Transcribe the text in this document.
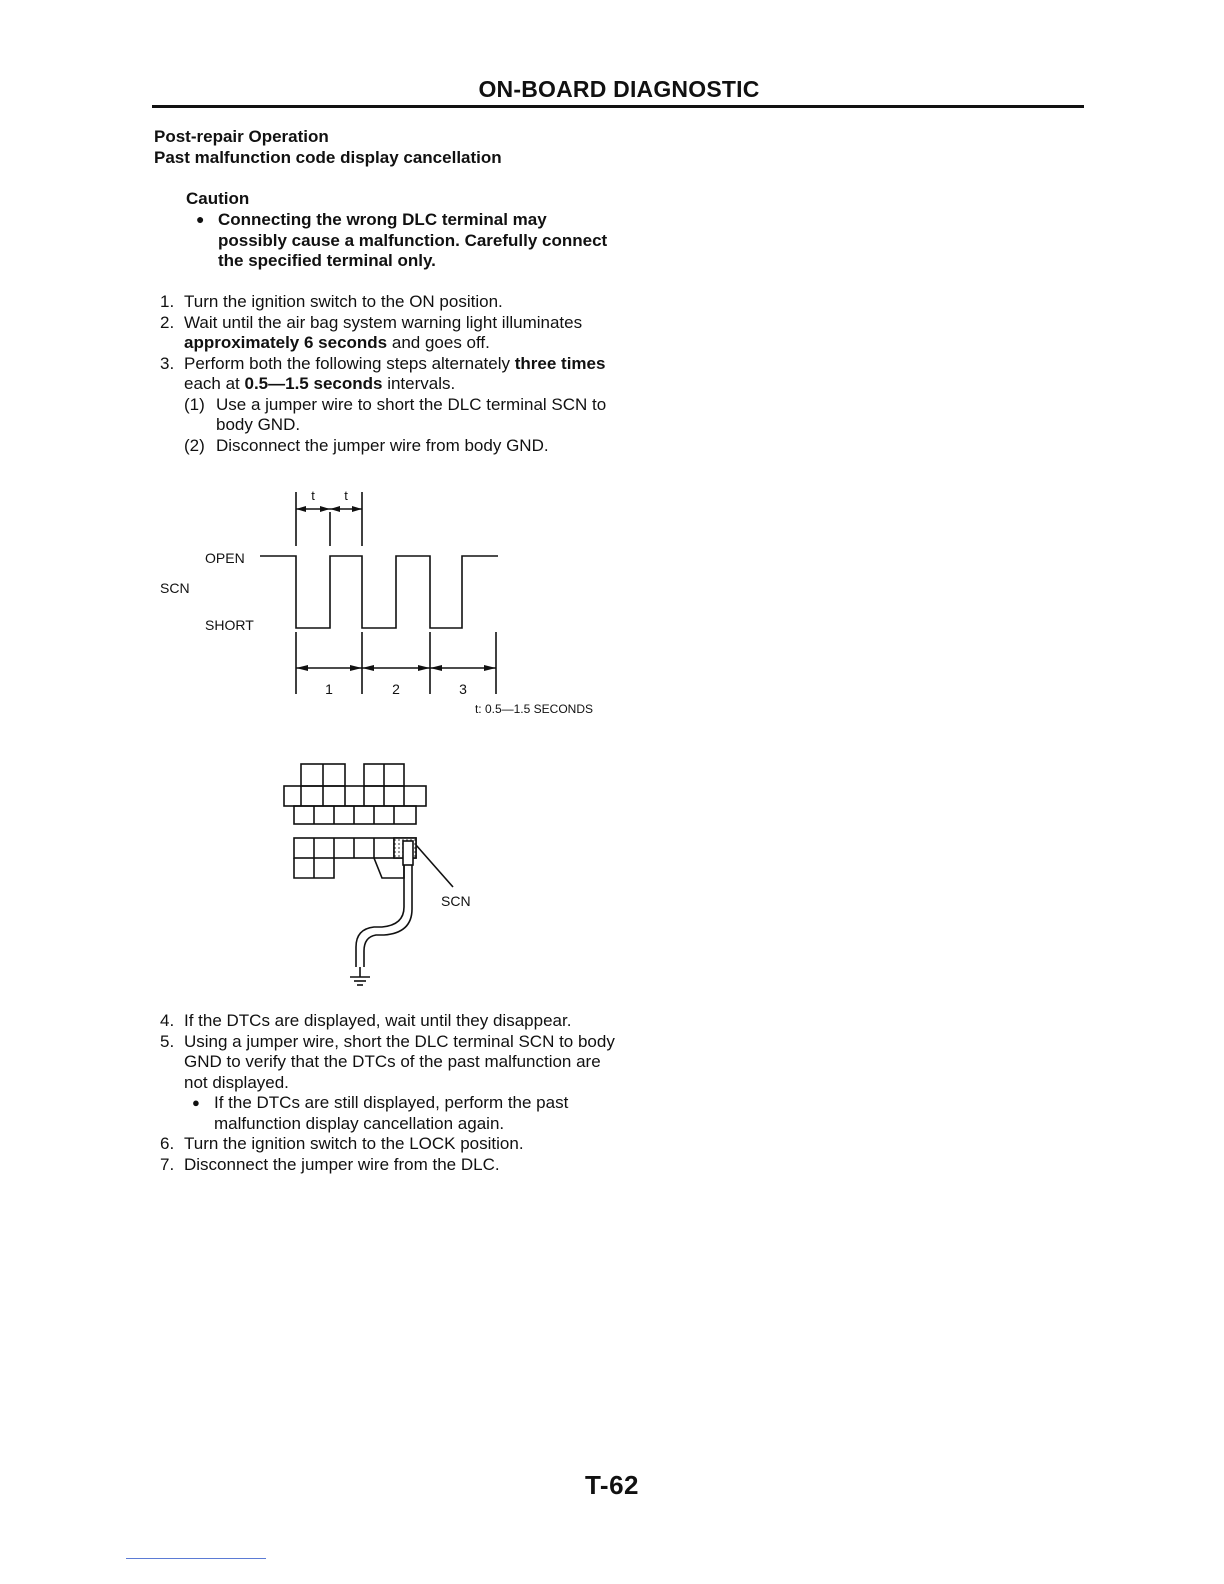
ON-BOARD DIAGNOSTIC
Post-repair Operation
Past malfunction code display cancellation
Caution
● Connecting the wrong DLC terminal may possibly cause a malfunction. Carefully connect the specified terminal only.
1. Turn the ignition switch to the ON position.
2. Wait until the air bag system warning light illuminates approximately 6 seconds and goes off.
3. Perform both the following steps alternately three times each at 0.5—1.5 seconds intervals.
(1) Use a jumper wire to short the DLC terminal SCN to body GND.
(2) Disconnect the jumper wire from body GND.
t t
OPEN
SCN
SHORT
1	2	3
t: 0.5—1.5 SECONDS
SCN
4. If the DTCs are displayed, wait until they disappear.
5. Using a jumper wire, short the DLC terminal SCN to body GND to verify that the DTCs of the past malfunction are not displayed.
● If the DTCs are still displayed, perform the past malfunction display cancellation again.
6. Turn the ignition switch to the LOCK position.
7. Disconnect the jumper wire from the DLC.
T-62
